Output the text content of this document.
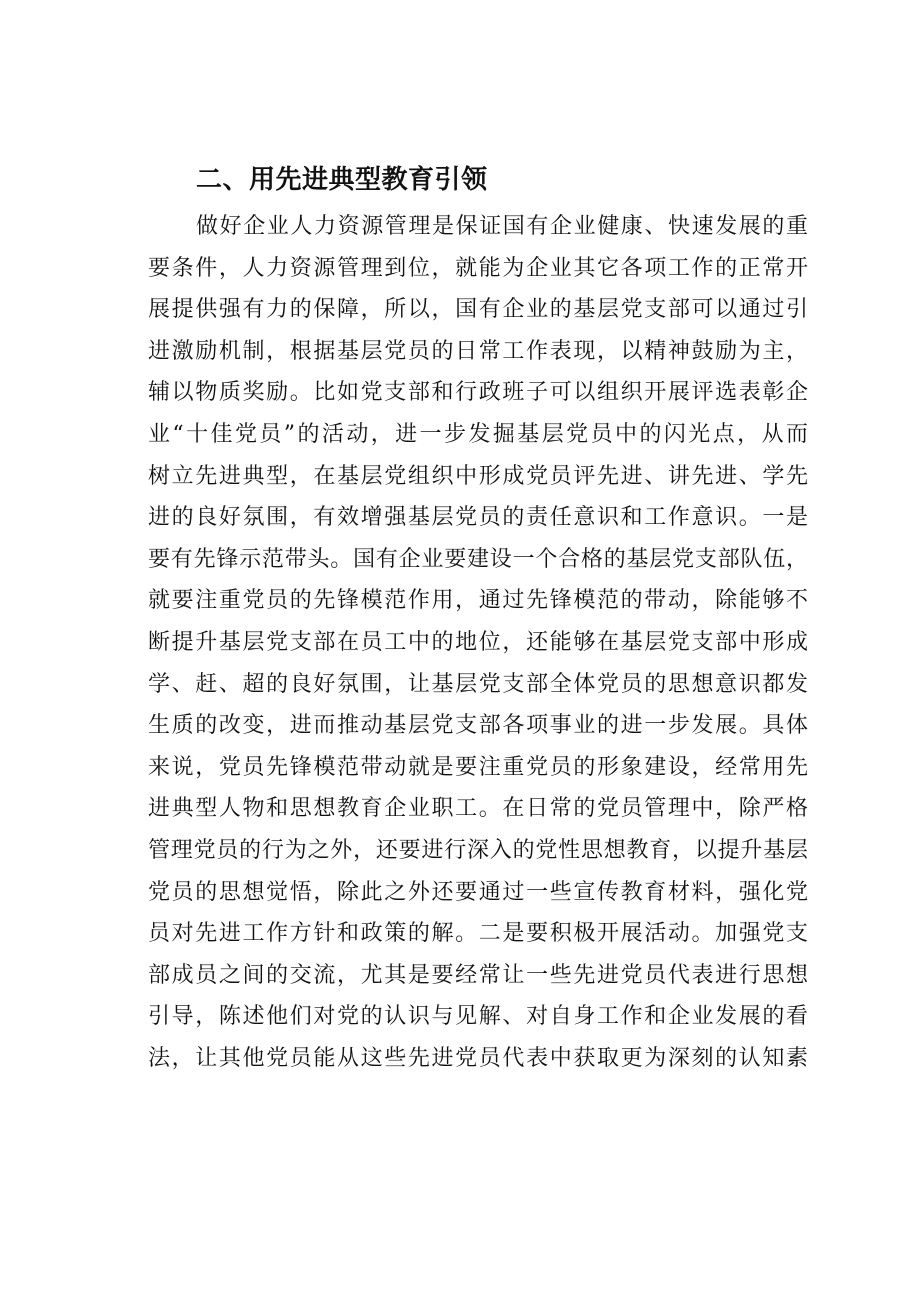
二、用先进典型教育引领
做好企业人力资源管理是保证国有企业健康、快速发展的重
要条件，人力资源管理到位，就能为企业其它各项工作的正常开
展提供强有力的保障，所以，国有企业的基层党支部可以通过引
进激励机制，根据基层党员的日常工作表现，以精神鼓励为主，
辅以物质奖励。比如党支部和行政班子可以组织开展评选表彰企
业“十佳党员”的活动，进一步发掘基层党员中的闪光点，从而
树立先进典型，在基层党组织中形成党员评先进、讲先进、学先
进的良好氛围，有效增强基层党员的责任意识和工作意识。一是
要有先锋示范带头。国有企业要建设一个合格的基层党支部队伍，
就要注重党员的先锋模范作用，通过先锋模范的带动，除能够不
断提升基层党支部在员工中的地位，还能够在基层党支部中形成
学、赶、超的良好氛围，让基层党支部全体党员的思想意识都发
生质的改变，进而推动基层党支部各项事业的进一步发展。具体
来说，党员先锋模范带动就是要注重党员的形象建设，经常用先
进典型人物和思想教育企业职工。在日常的党员管理中，除严格
管理党员的行为之外，还要进行深入的党性思想教育，以提升基层
党员的思想觉悟，除此之外还要通过一些宣传教育材料，强化党
员对先进工作方针和政策的解。二是要积极开展活动。加强党支
部成员之间的交流，尤其是要经常让一些先进党员代表进行思想
引导，陈述他们对党的认识与见解、对自身工作和企业发展的看
法，让其他党员能从这些先进党员代表中获取更为深刻的认知素
